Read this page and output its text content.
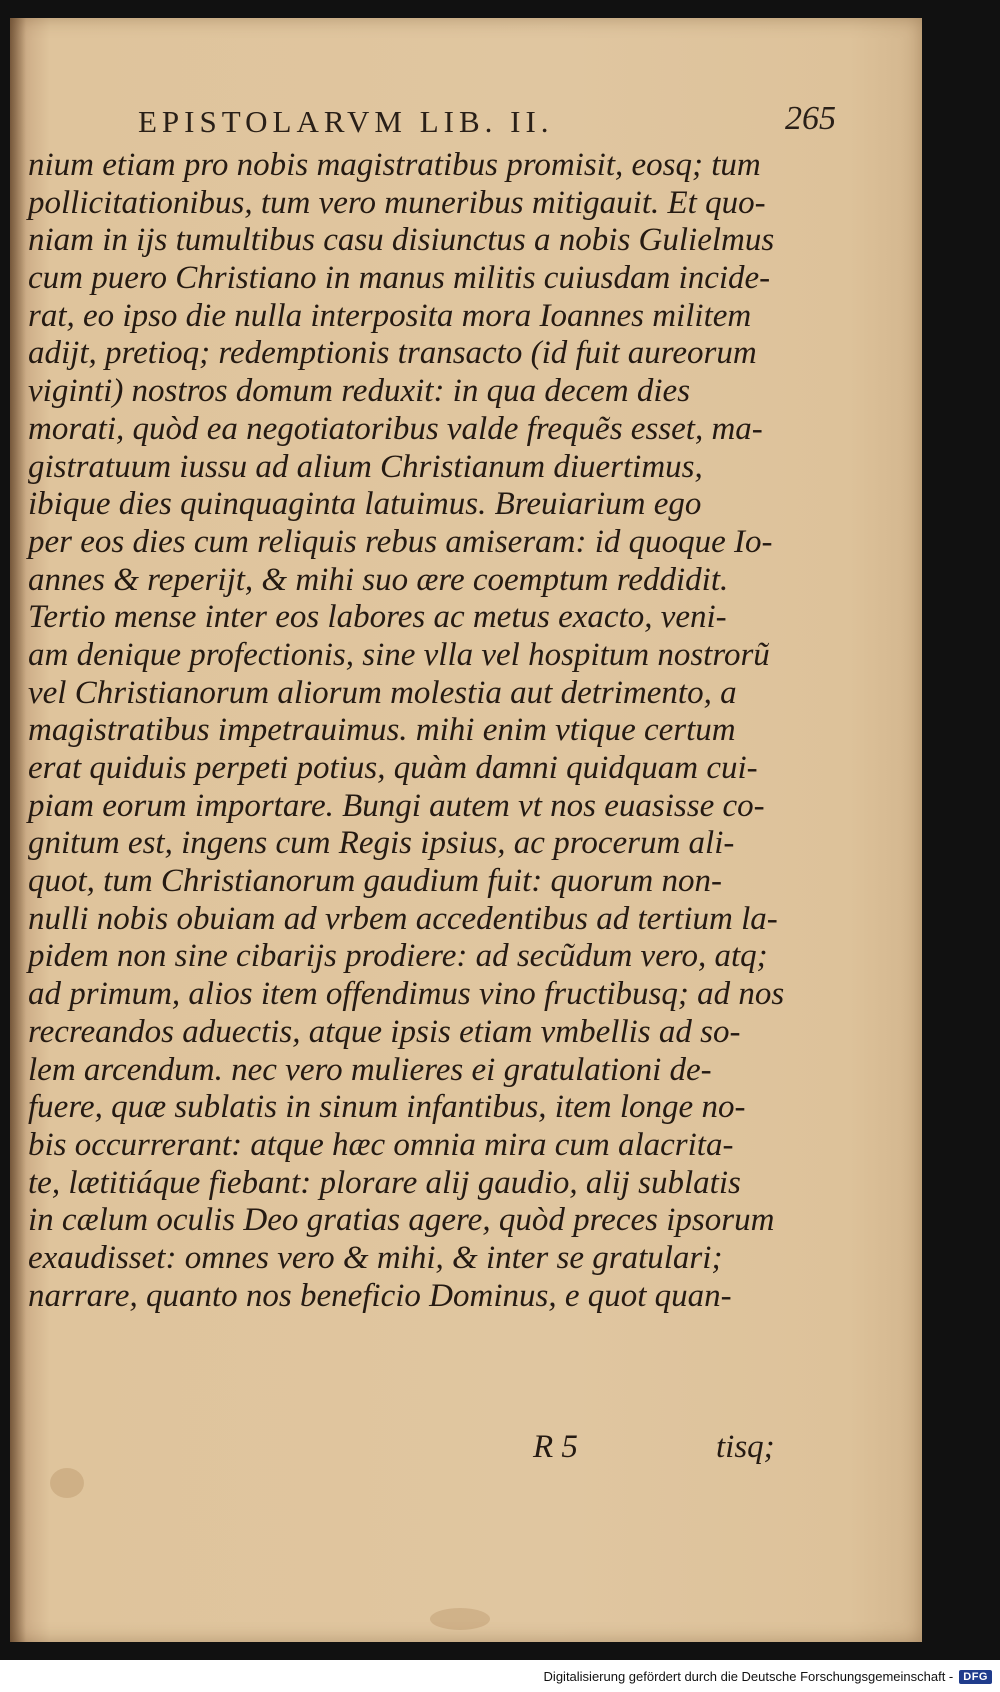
EPISTOLARVM LIB. II.	265
nium etiam pro nobis magistratibus promisit, eosq; tum
pollicitationibus, tum vero muneribus mitigauit. Et quo-
niam in ijs tumultibus casu disiunctus a nobis Gulielmus
cum puero Christiano in manus militis cuiusdam incide-
rat, eo ipso die nulla interposita mora Ioannes militem
adijt, pretioq; redemptionis transacto (id fuit aureorum
viginti) nostros domum reduxit: in qua decem dies
morati, quòd ea negotiatoribus valde frequẽs esset, ma-
gistratuum iussu ad alium Christianum diuertimus,
ibique dies quinquaginta latuimus. Breuiarium ego
per eos dies cum reliquis rebus amiseram: id quoque Io-
annes & reperijt, & mihi suo ære coemptum reddidit.
Tertio mense inter eos labores ac metus exacto, veni-
am denique profectionis, sine vlla vel hospitum nostrorũ
vel Christianorum aliorum molestia aut detrimento, a
magistratibus impetrauimus. mihi enim vtique certum
erat quiduis perpeti potius, quàm damni quidquam cui-
piam eorum importare. Bungi autem vt nos euasisse co-
gnitum est, ingens cum Regis ipsius, ac procerum ali-
quot, tum Christianorum gaudium fuit: quorum non-
nulli nobis obuiam ad vrbem accedentibus ad tertium la-
pidem non sine cibarijs prodiere: ad secũdum vero, atq;
ad primum, alios item offendimus vino fructibusq; ad nos
recreandos aduectis, atque ipsis etiam vmbellis ad so-
lem arcendum. nec vero mulieres ei gratulationi de-
fuere, quæ sublatis in sinum infantibus, item longe no-
bis occurrerant: atque hæc omnia mira cum alacrita-
te, lætitiáque fiebant: plorare alij gaudio, alij sublatis
in cælum oculis Deo gratias agere, quòd preces ipsorum
exaudisset: omnes vero & mihi, & inter se gratulari;
narrare, quanto nos beneficio Dominus, e quot quan-
R 5	tisq;
Digitalisierung gefördert durch die Deutsche Forschungsgemeinschaft - DFG
